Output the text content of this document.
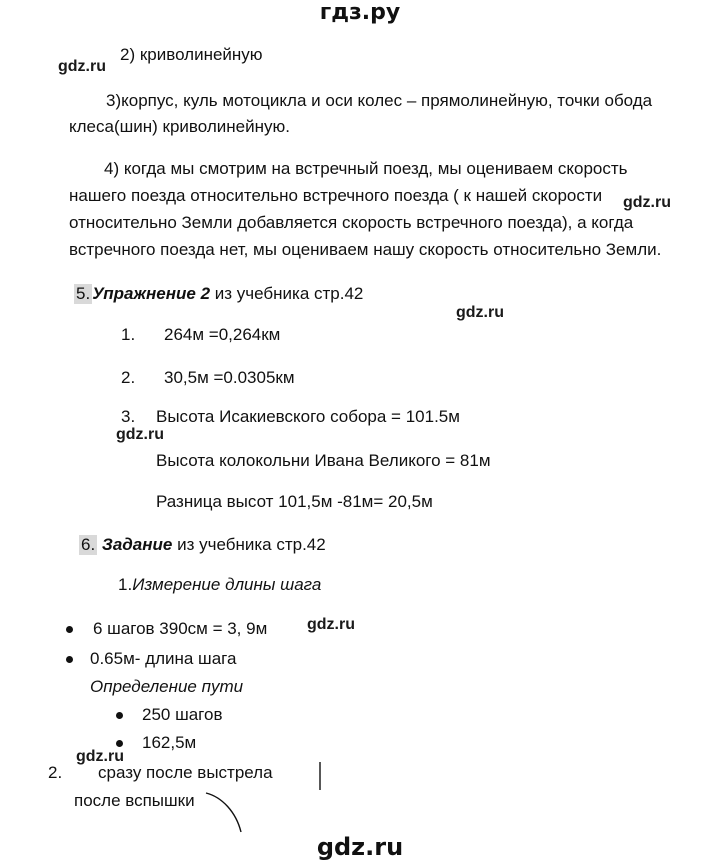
гдз.ру
gdz.ru
gdz.ru
gdz.ru
gdz.ru
gdz.ru
gdz.ru
2) криволинейную
3)корпус, куль мотоцикла и оси колес – прямолинейную, точки обода
клеса(шин) криволинейную.
4) когда мы смотрим на встречный поезд, мы оцениваем скорость
нашего поезда относительно встречного поезда ( к нашей скорости
относительно Земли добавляется скорость встречного поезда), а когда
встречного поезда нет, мы оцениваем нашу скорость относительно Земли.
5. Упражнение 2 из учебника стр.42
1. 264м =0,264км
2. 30,5м =0.0305км
3. Высота Исакиевского собора = 101.5м
Высота колокольни Ивана Великого = 81м
Разница высот 101,5м -81м= 20,5м
6. Задание из учебника стр.42
1.Измерение длины шага
6 шагов 390см = 3, 9м
0.65м- длина шага
Определение пути
250 шагов
162,5м
2. сразу после выстрела
после вспышки
gdz.ru
